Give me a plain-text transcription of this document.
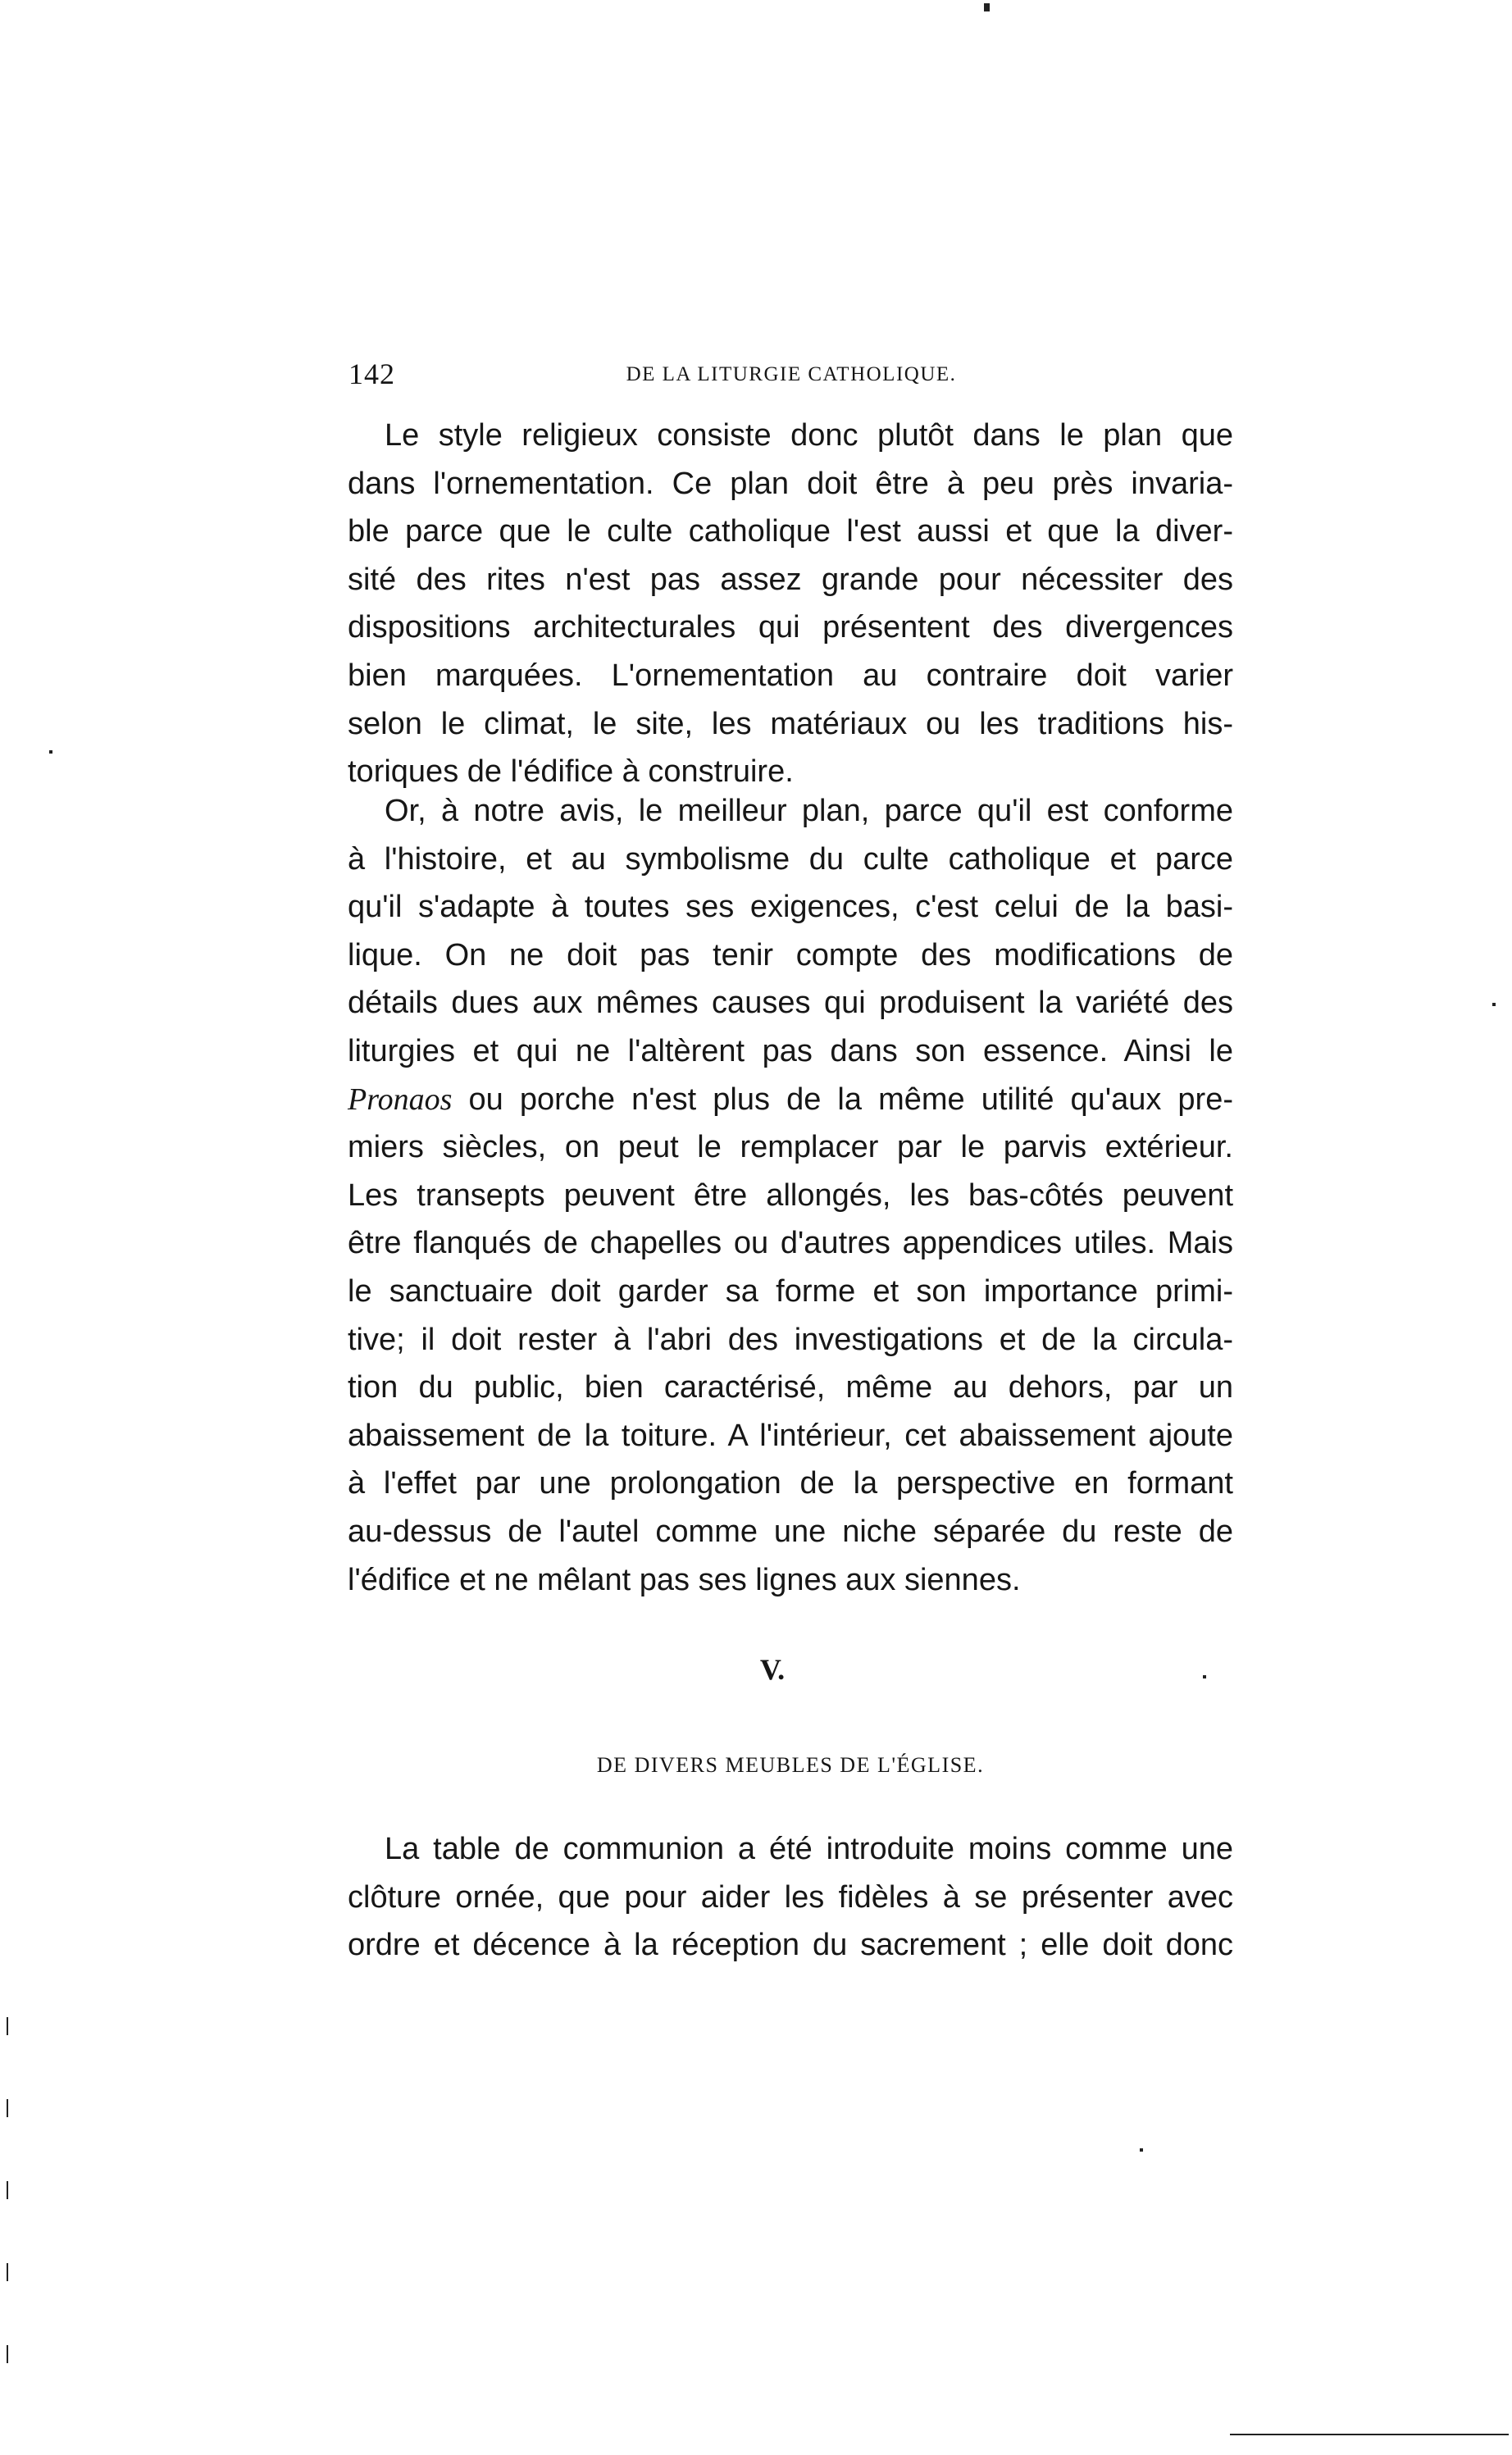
142	DE LA LITURGIE CATHOLIQUE.
Le style religieux consiste donc plutôt dans le plan que
dans l'ornementation. Ce plan doit être à peu près invaria-
ble parce que le culte catholique l'est aussi et que la diver-
sité des rites n'est pas assez grande pour nécessiter des
dispositions architecturales qui présentent des divergences
bien marquées. L'ornementation au contraire doit varier
selon le climat, le site, les matériaux ou les traditions his-
toriques de l'édifice à construire.
Or, à notre avis, le meilleur plan, parce qu'il est conforme
à l'histoire, et au symbolisme du culte catholique et parce
qu'il s'adapte à toutes ses exigences, c'est celui de la basi-
lique. On ne doit pas tenir compte des modifications de
détails dues aux mêmes causes qui produisent la variété des
liturgies et qui ne l'altèrent pas dans son essence. Ainsi le
Pronaos ou porche n'est plus de la même utilité qu'aux pre-
miers siècles, on peut le remplacer par le parvis extérieur.
Les transepts peuvent être allongés, les bas-côtés peuvent
être flanqués de chapelles ou d'autres appendices utiles. Mais
le sanctuaire doit garder sa forme et son importance primi-
tive; il doit rester à l'abri des investigations et de la circula-
tion du public, bien caractérisé, même au dehors, par un
abaissement de la toiture. A l'intérieur, cet abaissement ajoute
à l'effet par une prolongation de la perspective en formant
au-dessus de l'autel comme une niche séparée du reste de
l'édifice et ne mêlant pas ses lignes aux siennes.
V.
DE DIVERS MEUBLES DE L'ÉGLISE.
La table de communion a été introduite moins comme une
clôture ornée, que pour aider les fidèles à se présenter avec
ordre et décence à la réception du sacrement ; elle doit donc
